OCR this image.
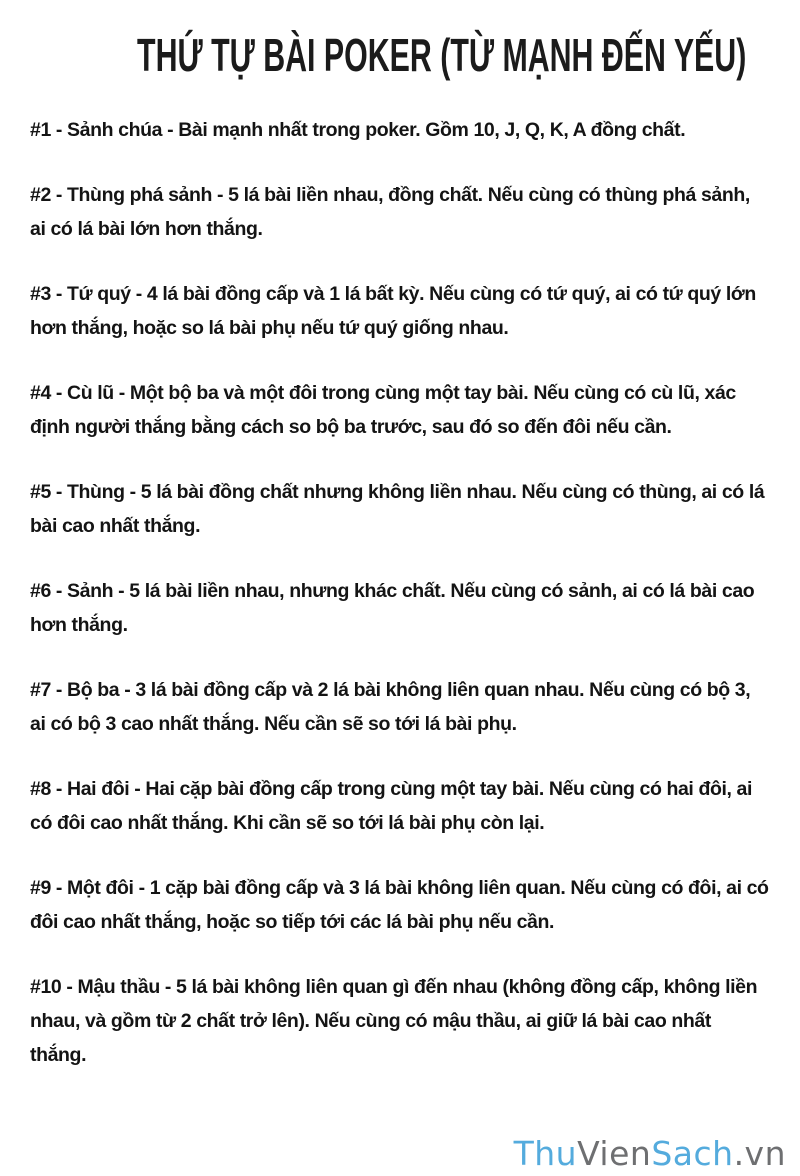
THỨ TỰ BÀI POKER (TỪ MẠNH ĐẾN YẾU)

#1 - Sảnh chúa - Bài mạnh nhất trong poker. Gồm 10, J, Q, K, A đồng chất.

#2 - Thùng phá sảnh - 5 lá bài liền nhau, đồng chất. Nếu cùng có thùng phá sảnh, ai có lá bài lớn hơn thắng.

#3 - Tứ quý - 4 lá bài đồng cấp và 1 lá bất kỳ. Nếu cùng có tứ quý, ai có tứ quý lớn hơn thắng, hoặc so lá bài phụ nếu tứ quý giống nhau.

#4 - Cù lũ - Một bộ ba và một đôi trong cùng một tay bài. Nếu cùng có cù lũ, xác định người thắng bằng cách so bộ ba trước, sau đó so đến đôi nếu cần.

#5 - Thùng - 5 lá bài đồng chất nhưng không liền nhau. Nếu cùng có thùng, ai có lá bài cao nhất thắng.

#6 - Sảnh - 5 lá bài liền nhau, nhưng khác chất. Nếu cùng có sảnh, ai có lá bài cao hơn thắng.

#7 - Bộ ba - 3 lá bài đồng cấp và 2 lá bài không liên quan nhau. Nếu cùng có bộ 3, ai có bộ 3 cao nhất thắng. Nếu cần sẽ so tới lá bài phụ.

#8 - Hai đôi - Hai cặp bài đồng cấp trong cùng một tay bài. Nếu cùng có hai đôi, ai có đôi cao nhất thắng. Khi cần sẽ so tới lá bài phụ còn lại.

#9 - Một đôi - 1 cặp bài đồng cấp và 3 lá bài không liên quan. Nếu cùng có đôi, ai có đôi cao nhất thắng, hoặc so tiếp tới các lá bài phụ nếu cần.

#10 - Mậu thầu - 5 lá bài không liên quan gì đến nhau (không đồng cấp, không liền nhau, và gồm từ 2 chất trở lên). Nếu cùng có mậu thầu, ai giữ lá bài cao nhất thắng.

ThuVienSach.vn
